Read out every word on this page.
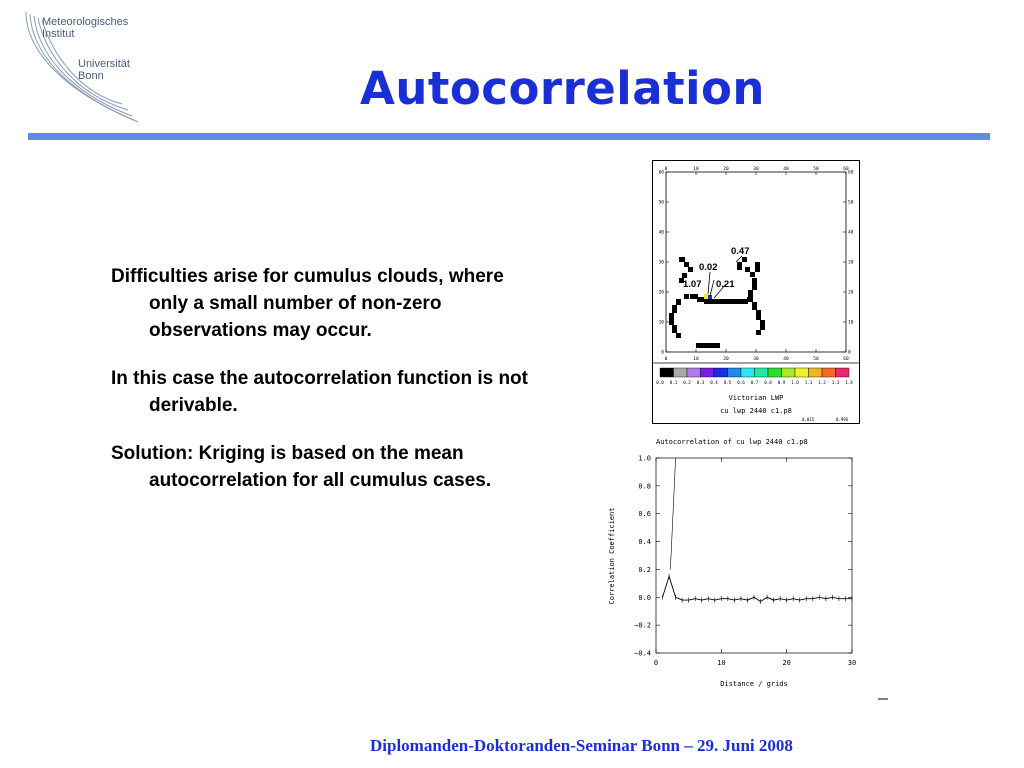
Meteorologisches
Institut
Universität
Bonn	Autocorrelation
Difficulties arise for cumulus clouds, where only a small number of non-zero observations may occur.
In this case the autocorrelation function is not derivable.
Solution: Kriging is based on the mean autocorrelation for all cumulus cases.
0	10	20	30	40	50	60
0	10	20	30	40	50	60
60
50
40
30
20
10
0
60
50
40
30
20
10
0
0.47
0.02
1.07 0.21
0.0 0.1 0.2 0.3 0.4 0.5 0.6 0.7 0.8 0.9 1.0 1.1 1.2 1.3 1.4
Victorian LWP
cu lwp 2440 c1.p8
0.015	0.996
Autocorrelation of cu lwp 2440 c1.p8
1.0
0.8
0.6
0.4
0.2
0.0
−0.2
−0.4
0	10	20	30
Distance / grids
Correlation Coefficient
Diplomanden-Doktoranden-Seminar Bonn – 29. Juni 2008
